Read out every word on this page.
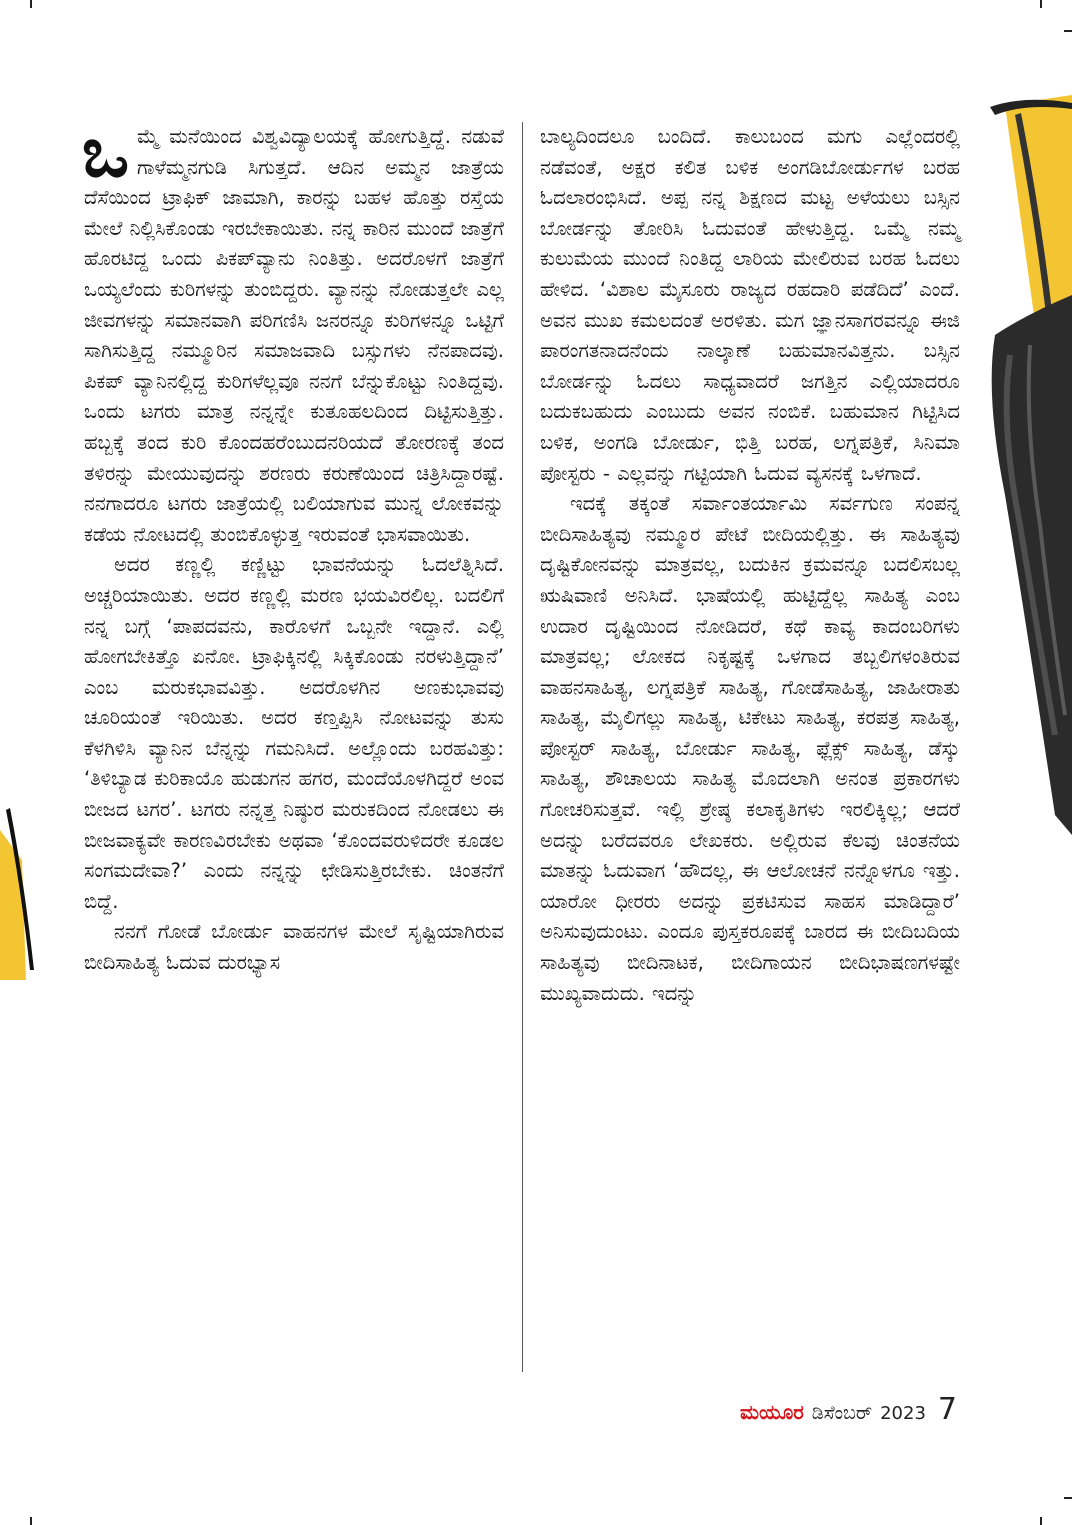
ಒಮ್ಮೆ ಮನೆಯಿಂದ ವಿಶ್ವವಿದ್ಯಾಲಯಕ್ಕೆ ಹೋಗುತ್ತಿದ್ದೆ. ನಡುವೆ ಗಾಳೆಮ್ಮನಗುಡಿ ಸಿಗುತ್ತದೆ. ಆದಿನ ಅಮ್ಮನ ಜಾತ್ರೆಯ ದೆಸೆಯಿಂದ ಟ್ರಾಫಿಕ್ ಜಾಮಾಗಿ, ಕಾರನ್ನು ಬಹಳ ಹೊತ್ತು ರಸ್ತೆಯ ಮೇಲೆ ನಿಲ್ಲಿಸಿಕೊಂಡು ಇರಬೇಕಾಯಿತು. ನನ್ನ ಕಾರಿನ ಮುಂದೆ ಜಾತ್ರೆಗೆ ಹೊರಟಿದ್ದ ಒಂದು ಪಿಕಪ್‌ವ್ಯಾನು ನಿಂತಿತ್ತು. ಅದರೊಳಗೆ ಜಾತ್ರೆಗೆ ಒಯ್ಯಲೆಂದು ಕುರಿಗಳನ್ನು ತುಂಬಿದ್ದರು. ವ್ಯಾನನ್ನು ನೋಡುತ್ತಲೇ ಎಲ್ಲ ಜೀವಗಳನ್ನು ಸಮಾನವಾಗಿ ಪರಿಗಣಿಸಿ ಜನರನ್ನೂ ಕುರಿಗಳನ್ನೂ ಒಟ್ಟಿಗೆ ಸಾಗಿಸುತ್ತಿದ್ದ ನಮ್ಮೂರಿನ ಸಮಾಜವಾದಿ ಬಸ್ಸುಗಳು ನೆನಪಾದವು. ಪಿಕಪ್ ವ್ಯಾನಿನಲ್ಲಿದ್ದ ಕುರಿಗಳೆಲ್ಲವೂ ನನಗೆ ಬೆನ್ನುಕೊಟ್ಟು ನಿಂತಿದ್ದವು. ಒಂದು ಟಗರು ಮಾತ್ರ ನನ್ನನ್ನೇ ಕುತೂಹಲದಿಂದ ದಿಟ್ಟಿಸುತ್ತಿತ್ತು. ಹಬ್ಬಕ್ಕೆ ತಂದ ಕುರಿ ಕೊಂದಹರೆಂಬುದನರಿಯದೆ ತೋರಣಕ್ಕೆ ತಂದ ತಳಿರನ್ನು ಮೇಯುವುದನ್ನು ಶರಣರು ಕರುಣೆಯಿಂದ ಚಿತ್ರಿಸಿದ್ದಾರಷ್ಟೆ. ನನಗಾದರೂ ಟಗರು ಜಾತ್ರೆಯಲ್ಲಿ ಬಲಿಯಾಗುವ ಮುನ್ನ ಲೋಕವನ್ನು ಕಡೆಯ ನೋಟದಲ್ಲಿ ತುಂಬಿಕೊಳ್ಳುತ್ತ ಇರುವಂತೆ ಭಾಸವಾಯಿತು.

ಅದರ ಕಣ್ಣಲ್ಲಿ ಕಣ್ಣಿಟ್ಟು ಭಾವನೆಯನ್ನು ಓದಲೆತ್ನಿಸಿದೆ. ಅಚ್ಚರಿಯಾಯಿತು. ಅದರ ಕಣ್ಣಲ್ಲಿ ಮರಣ ಭಯವಿರಲಿಲ್ಲ. ಬದಲಿಗೆ ನನ್ನ ಬಗ್ಗೆ ‘ಪಾಪದವನು, ಕಾರೊಳಗೆ ಒಬ್ಬನೇ ಇದ್ದಾನೆ. ಎಲ್ಲಿ ಹೋಗಬೇಕಿತ್ತೊ ಏನೋ. ಟ್ರಾಫಿಕ್ಕಿನಲ್ಲಿ ಸಿಕ್ಕಿಕೊಂಡು ನರಳುತ್ತಿದ್ದಾನೆ’ ಎಂಬ ಮರುಕಭಾವವಿತ್ತು. ಅದರೊಳಗಿನ ಅಣಕುಭಾವವು ಚೂರಿಯಂತೆ ಇರಿಯಿತು. ಅದರ ಕಣ್ತಪ್ಪಿಸಿ ನೋಟವನ್ನು ತುಸು ಕೆಳಗಿಳಿಸಿ ವ್ಯಾನಿನ ಬೆನ್ನನ್ನು ಗಮನಿಸಿದೆ. ಅಲ್ಲೊಂದು ಬರಹವಿತ್ತು: ‘ತಿಳಿಬ್ಯಾಡ ಕುರಿಕಾಯೊ ಹುಡುಗನ ಹಗರ, ಮಂದೆಯೊಳಗಿದ್ದರೆ ಅಂವ ಬೀಜದ ಟಗರ’. ಟಗರು ನನ್ನತ್ತ ನಿಷ್ಠುರ ಮರುಕದಿಂದ ನೋಡಲು ಈ ಬೀಜವಾಕ್ಯವೇ ಕಾರಣವಿರಬೇಕು ಅಥವಾ ‘ಕೊಂದವರುಳಿದರೇ ಕೂಡಲ ಸಂಗಮದೇವಾ?’ ಎಂದು ನನ್ನನ್ನು ಛೇಡಿಸುತ್ತಿರಬೇಕು. ಚಿಂತನೆಗೆ ಬಿದ್ದೆ.

ನನಗೆ ಗೋಡೆ ಬೋರ್ಡು ವಾಹನಗಳ ಮೇಲೆ ಸೃಷ್ಟಿಯಾಗಿರುವ ಬೀದಿಸಾಹಿತ್ಯ ಓದುವ ದುರಭ್ಯಾಸ

ಬಾಲ್ಯದಿಂದಲೂ ಬಂದಿದೆ. ಕಾಲುಬಂದ ಮಗು ಎಲ್ಲೆಂದರಲ್ಲಿ ನಡೆವಂತೆ, ಅಕ್ಷರ ಕಲಿತ ಬಳಿಕ ಅಂಗಡಿಬೋರ್ಡುಗಳ ಬರಹ ಓದಲಾರಂಭಿಸಿದೆ. ಅಪ್ಪ ನನ್ನ ಶಿಕ್ಷಣದ ಮಟ್ಟ ಅಳೆಯಲು ಬಸ್ಸಿನ ಬೋರ್ಡನ್ನು ತೋರಿಸಿ ಓದುವಂತೆ ಹೇಳುತ್ತಿದ್ದ. ಒಮ್ಮೆ ನಮ್ಮ ಕುಲುಮೆಯ ಮುಂದೆ ನಿಂತಿದ್ದ ಲಾರಿಯ ಮೇಲಿರುವ ಬರಹ ಓದಲು ಹೇಳಿದ. ‘ವಿಶಾಲ ಮೈಸೂರು ರಾಜ್ಯದ ರಹದಾರಿ ಪಡೆದಿದೆ’ ಎಂದೆ. ಅವನ ಮುಖ ಕಮಲದಂತೆ ಅರಳಿತು. ಮಗ ಜ್ಞಾನಸಾಗರವನ್ನೂ ಈಜಿ ಪಾರಂಗತನಾದನೆಂದು ನಾಲ್ಕಾಣೆ ಬಹುಮಾನವಿತ್ತನು. ಬಸ್ಸಿನ ಬೋರ್ಡನ್ನು ಓದಲು ಸಾಧ್ಯವಾದರೆ ಜಗತ್ತಿನ ಎಲ್ಲಿಯಾದರೂ ಬದುಕಬಹುದು ಎಂಬುದು ಅವನ ನಂಬಿಕೆ. ಬಹುಮಾನ ಗಿಟ್ಟಿಸಿದ ಬಳಿಕ, ಅಂಗಡಿ ಬೋರ್ಡು, ಭಿತ್ತಿ ಬರಹ, ಲಗ್ನಪತ್ರಿಕೆ, ಸಿನಿಮಾ ಪೋಸ್ಟರು - ಎಲ್ಲವನ್ನು ಗಟ್ಟಿಯಾಗಿ ಓದುವ ವ್ಯಸನಕ್ಕೆ ಒಳಗಾದೆ.

ಇದಕ್ಕೆ ತಕ್ಕಂತೆ ಸರ್ವಾಂತರ್ಯಾಮಿ ಸರ್ವಗುಣ ಸಂಪನ್ನ ಬೀದಿಸಾಹಿತ್ಯವು ನಮ್ಮೂರ ಪೇಟೆ ಬೀದಿಯಲ್ಲಿತ್ತು. ಈ ಸಾಹಿತ್ಯವು ದೃಷ್ಟಿಕೋನವನ್ನು ಮಾತ್ರವಲ್ಲ, ಬದುಕಿನ ಕ್ರಮವನ್ನೂ ಬದಲಿಸಬಲ್ಲ ಋಷಿವಾಣಿ ಅನಿಸಿದೆ. ಭಾಷೆಯಲ್ಲಿ ಹುಟ್ಟಿದ್ದೆಲ್ಲ ಸಾಹಿತ್ಯ ಎಂಬ ಉದಾರ ದೃಷ್ಟಿಯಿಂದ ನೋಡಿದರೆ, ಕಥೆ ಕಾವ್ಯ ಕಾದಂಬರಿಗಳು ಮಾತ್ರವಲ್ಲ; ಲೋಕದ ನಿಕೃಷ್ಟಕ್ಕೆ ಒಳಗಾದ ತಬ್ಬಲಿಗಳಂತಿರುವ ವಾಹನಸಾಹಿತ್ಯ, ಲಗ್ನಪತ್ರಿಕೆ ಸಾಹಿತ್ಯ, ಗೋಡೆಸಾಹಿತ್ಯ, ಜಾಹೀರಾತು ಸಾಹಿತ್ಯ, ಮೈಲಿಗಲ್ಲು ಸಾಹಿತ್ಯ, ಟಿಕೇಟು ಸಾಹಿತ್ಯ, ಕರಪತ್ರ ಸಾಹಿತ್ಯ, ಪೋಸ್ಟರ್ ಸಾಹಿತ್ಯ, ಬೋರ್ಡು ಸಾಹಿತ್ಯ, ಫ್ಲೆಕ್ಸ್ ಸಾಹಿತ್ಯ, ಡೆಸ್ಕು ಸಾಹಿತ್ಯ, ಶೌಚಾಲಯ ಸಾಹಿತ್ಯ ಮೊದಲಾಗಿ ಅನಂತ ಪ್ರಕಾರಗಳು ಗೋಚರಿಸುತ್ತವೆ. ಇಲ್ಲಿ ಶ್ರೇಷ್ಠ ಕಲಾಕೃತಿಗಳು ಇರಲಿಕ್ಕಿಲ್ಲ; ಆದರೆ ಅದನ್ನು ಬರೆದವರೂ ಲೇಖಕರು. ಅಲ್ಲಿರುವ ಕೆಲವು ಚಿಂತನೆಯ ಮಾತನ್ನು ಓದುವಾಗ ‘ಹೌದಲ್ಲ, ಈ ಆಲೋಚನೆ ನನ್ನೊಳಗೂ ಇತ್ತು. ಯಾರೋ ಧೀರರು ಅದನ್ನು ಪ್ರಕಟಿಸುವ ಸಾಹಸ ಮಾಡಿದ್ದಾರೆ’ ಅನಿಸುವುದುಂಟು. ಎಂದೂ ಪುಸ್ತಕರೂಪಕ್ಕೆ ಬಾರದ ಈ ಬೀದಿಬದಿಯ ಸಾಹಿತ್ಯವು ಬೀದಿನಾಟಕ, ಬೀದಿಗಾಯನ ಬೀದಿಭಾಷಣಗಳಷ್ಟೇ ಮುಖ್ಯವಾದುದು. ಇದನ್ನು

ಮಯೂರ ಡಿಸೆಂಬರ್ 2023 7
